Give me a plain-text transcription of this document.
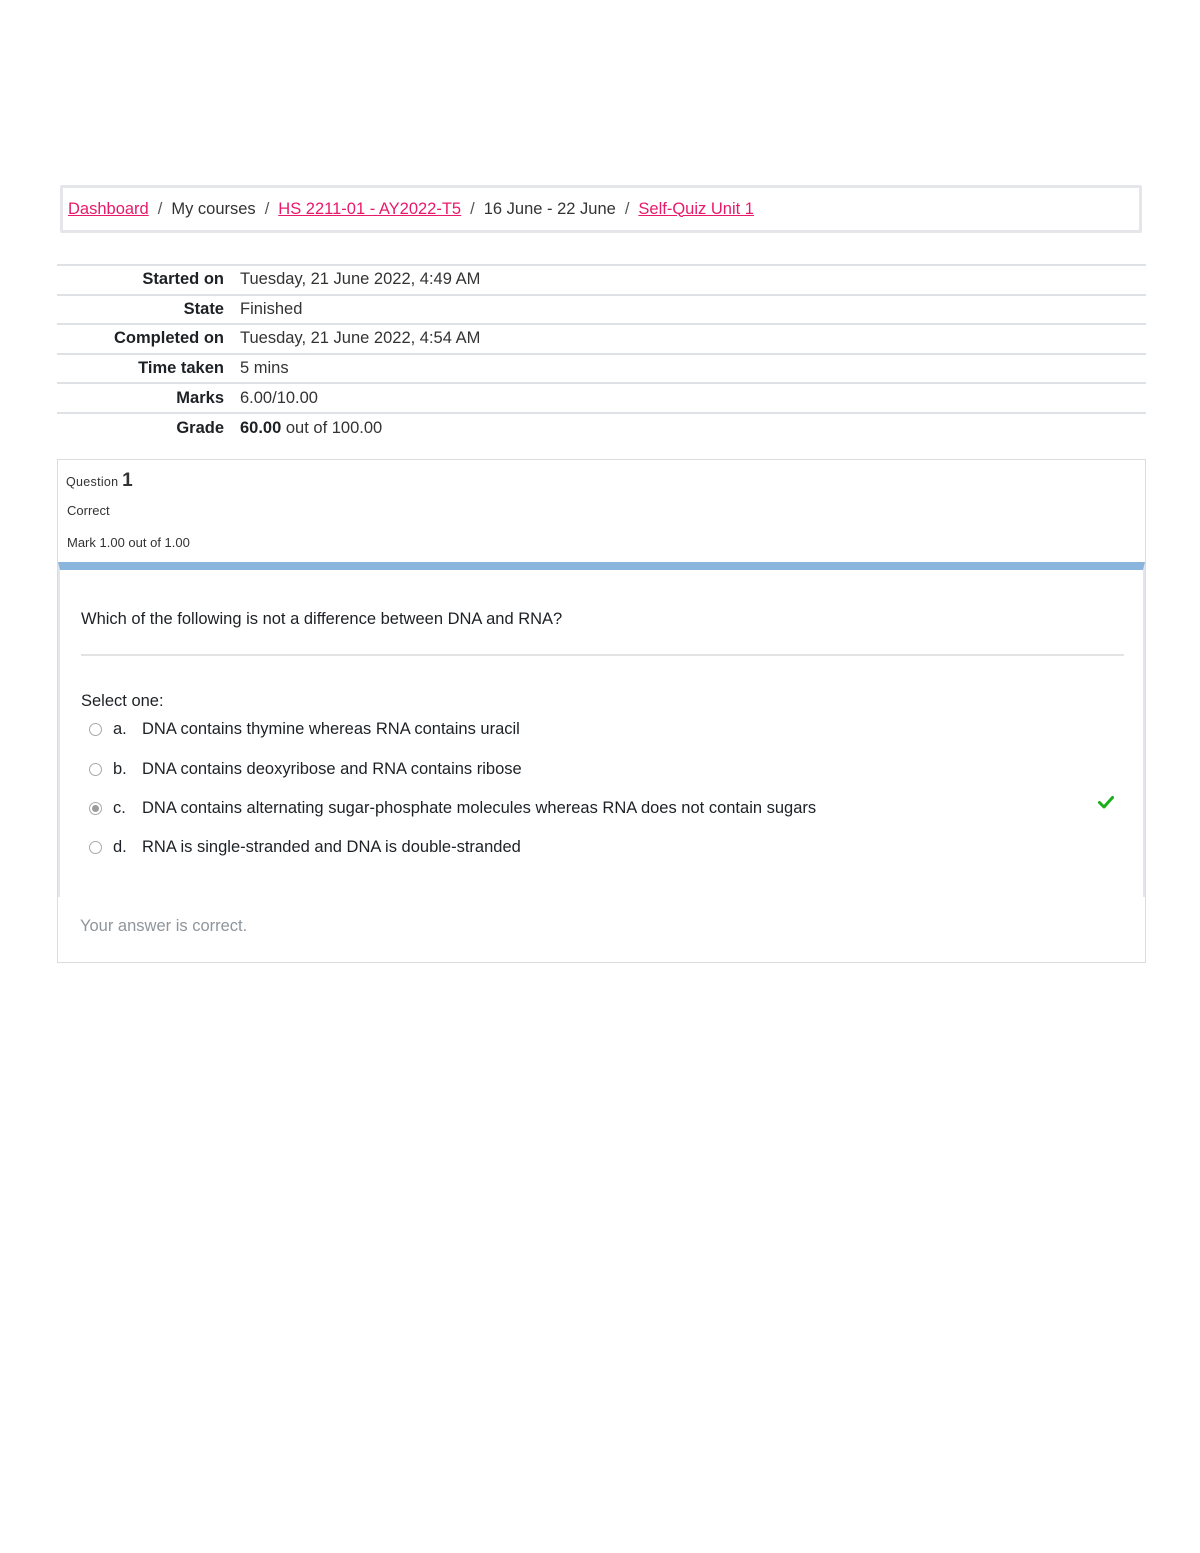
Dashboard / My courses / HS 2211-01 - AY2022-T5 / 16 June - 22 June / Self-Quiz Unit 1
Started on	Tuesday, 21 June 2022, 4:49 AM
State	Finished
Completed on	Tuesday, 21 June 2022, 4:54 AM
Time taken	5 mins
Marks	6.00/10.00
Grade	60.00 out of 100.00
Question 1
Correct
Mark 1.00 out of 1.00
Which of the following is not a difference between DNA and RNA?
Select one:
a. DNA contains thymine whereas RNA contains uracil
b. DNA contains deoxyribose and RNA contains ribose
c. DNA contains alternating sugar-phosphate molecules whereas RNA does not contain sugars
d. RNA is single-stranded and DNA is double-stranded
Your answer is correct.
